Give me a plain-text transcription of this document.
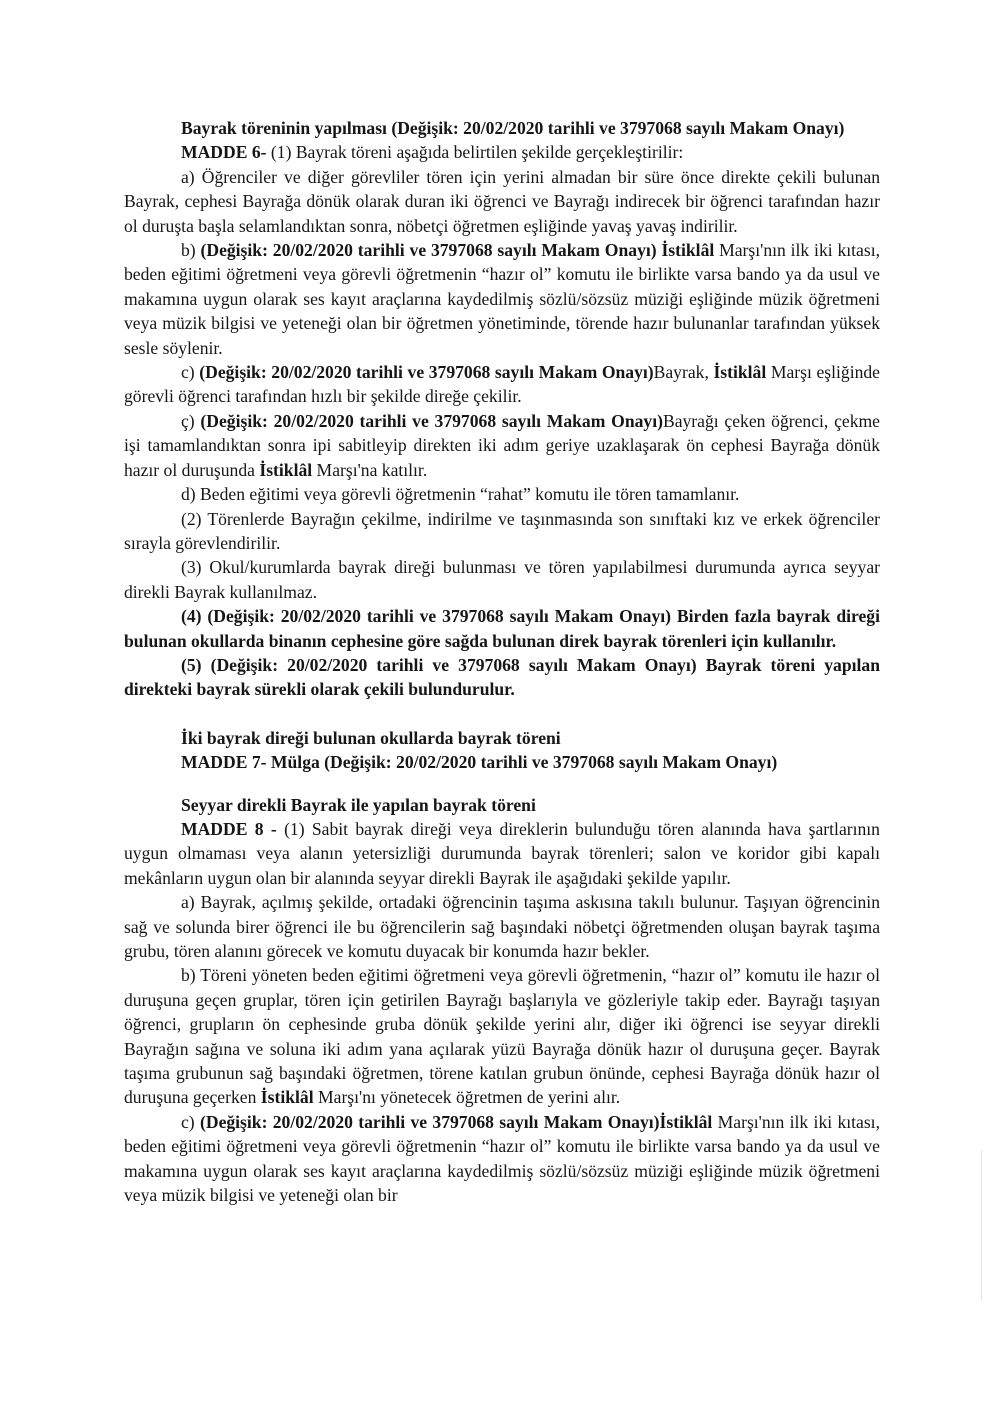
Bayrak töreninin yapılması (Değişik: 20/02/2020 tarihli ve 3797068 sayılı Makam Onayı)

MADDE 6- (1) Bayrak töreni aşağıda belirtilen şekilde gerçekleştirilir:

a) Öğrenciler ve diğer görevliler tören için yerini almadan bir süre önce direkte çekili bulunan Bayrak, cephesi Bayrağa dönük olarak duran iki öğrenci ve Bayrağı indirecek bir öğrenci tarafından hazır ol duruşta başla selamlandıktan sonra, nöbetçi öğretmen eşliğinde yavaş yavaş indirilir.

b) (Değişik: 20/02/2020 tarihli ve 3797068 sayılı Makam Onayı) İstiklâl Marşı'nın ilk iki kıtası, beden eğitimi öğretmeni veya görevli öğretmenin “hazır ol” komutu ile birlikte varsa bando ya da usul ve makamına uygun olarak ses kayıt araçlarına kaydedilmiş sözlü/sözsüz müziği eşliğinde müzik öğretmeni veya müzik bilgisi ve yeteneği olan bir öğretmen yönetiminde, törende hazır bulunanlar tarafından yüksek sesle söylenir.

c) (Değişik: 20/02/2020 tarihli ve 3797068 sayılı Makam Onayı)Bayrak, İstiklâl Marşı eşliğinde görevli öğrenci tarafından hızlı bir şekilde direğe çekilir.

ç) (Değişik: 20/02/2020 tarihli ve 3797068 sayılı Makam Onayı)Bayrağı çeken öğrenci, çekme işi tamamlandıktan sonra ipi sabitleyip direkten iki adım geriye uzaklaşarak ön cephesi Bayrağa dönük hazır ol duruşunda İstiklâl Marşı'na katılır.

d) Beden eğitimi veya görevli öğretmenin “rahat” komutu ile tören tamamlanır.

(2) Törenlerde Bayrağın çekilme, indirilme ve taşınmasında son sınıftaki kız ve erkek öğrenciler sırayla görevlendirilir.

(3) Okul/kurumlarda bayrak direği bulunması ve tören yapılabilmesi durumunda ayrıca seyyar direkli Bayrak kullanılmaz.

(4) (Değişik: 20/02/2020 tarihli ve 3797068 sayılı Makam Onayı) Birden fazla bayrak direği bulunan okullarda binanın cephesine göre sağda bulunan direk bayrak törenleri için kullanılır.

(5) (Değişik: 20/02/2020 tarihli ve 3797068 sayılı Makam Onayı) Bayrak töreni yapılan direkteki bayrak sürekli olarak çekili bulundurulur.

İki bayrak direği bulunan okullarda bayrak töreni

MADDE 7- Mülga (Değişik: 20/02/2020 tarihli ve 3797068 sayılı Makam Onayı)

Seyyar direkli Bayrak ile yapılan bayrak töreni

MADDE 8 - (1) Sabit bayrak direği veya direklerin bulunduğu tören alanında hava şartlarının uygun olmaması veya alanın yetersizliği durumunda bayrak törenleri; salon ve koridor gibi kapalı mekânların uygun olan bir alanında seyyar direkli Bayrak ile aşağıdaki şekilde yapılır.

a) Bayrak, açılmış şekilde, ortadaki öğrencinin taşıma askısına takılı bulunur. Taşıyan öğrencinin sağ ve solunda birer öğrenci ile bu öğrencilerin sağ başındaki nöbetçi öğretmenden oluşan bayrak taşıma grubu, tören alanını görecek ve komutu duyacak bir konumda hazır bekler.

b) Töreni yöneten beden eğitimi öğretmeni veya görevli öğretmenin, “hazır ol” komutu ile hazır ol duruşuna geçen gruplar, tören için getirilen Bayrağı başlarıyla ve gözleriyle takip eder. Bayrağı taşıyan öğrenci, grupların ön cephesinde gruba dönük şekilde yerini alır, diğer iki öğrenci ise seyyar direkli Bayrağın sağına ve soluna iki adım yana açılarak yüzü Bayrağa dönük hazır ol duruşuna geçer. Bayrak taşıma grubunun sağ başındaki öğretmen, törene katılan grubun önünde, cephesi Bayrağa dönük hazır ol duruşuna geçerken İstiklâl Marşı'nı yönetecek öğretmen de yerini alır.

c) (Değişik: 20/02/2020 tarihli ve 3797068 sayılı Makam Onayı)İstiklâl Marşı'nın ilk iki kıtası, beden eğitimi öğretmeni veya görevli öğretmenin “hazır ol” komutu ile birlikte varsa bando ya da usul ve makamına uygun olarak ses kayıt araçlarına kaydedilmiş sözlü/sözsüz müziği eşliğinde müzik öğretmeni veya müzik bilgisi ve yeteneği olan bir
